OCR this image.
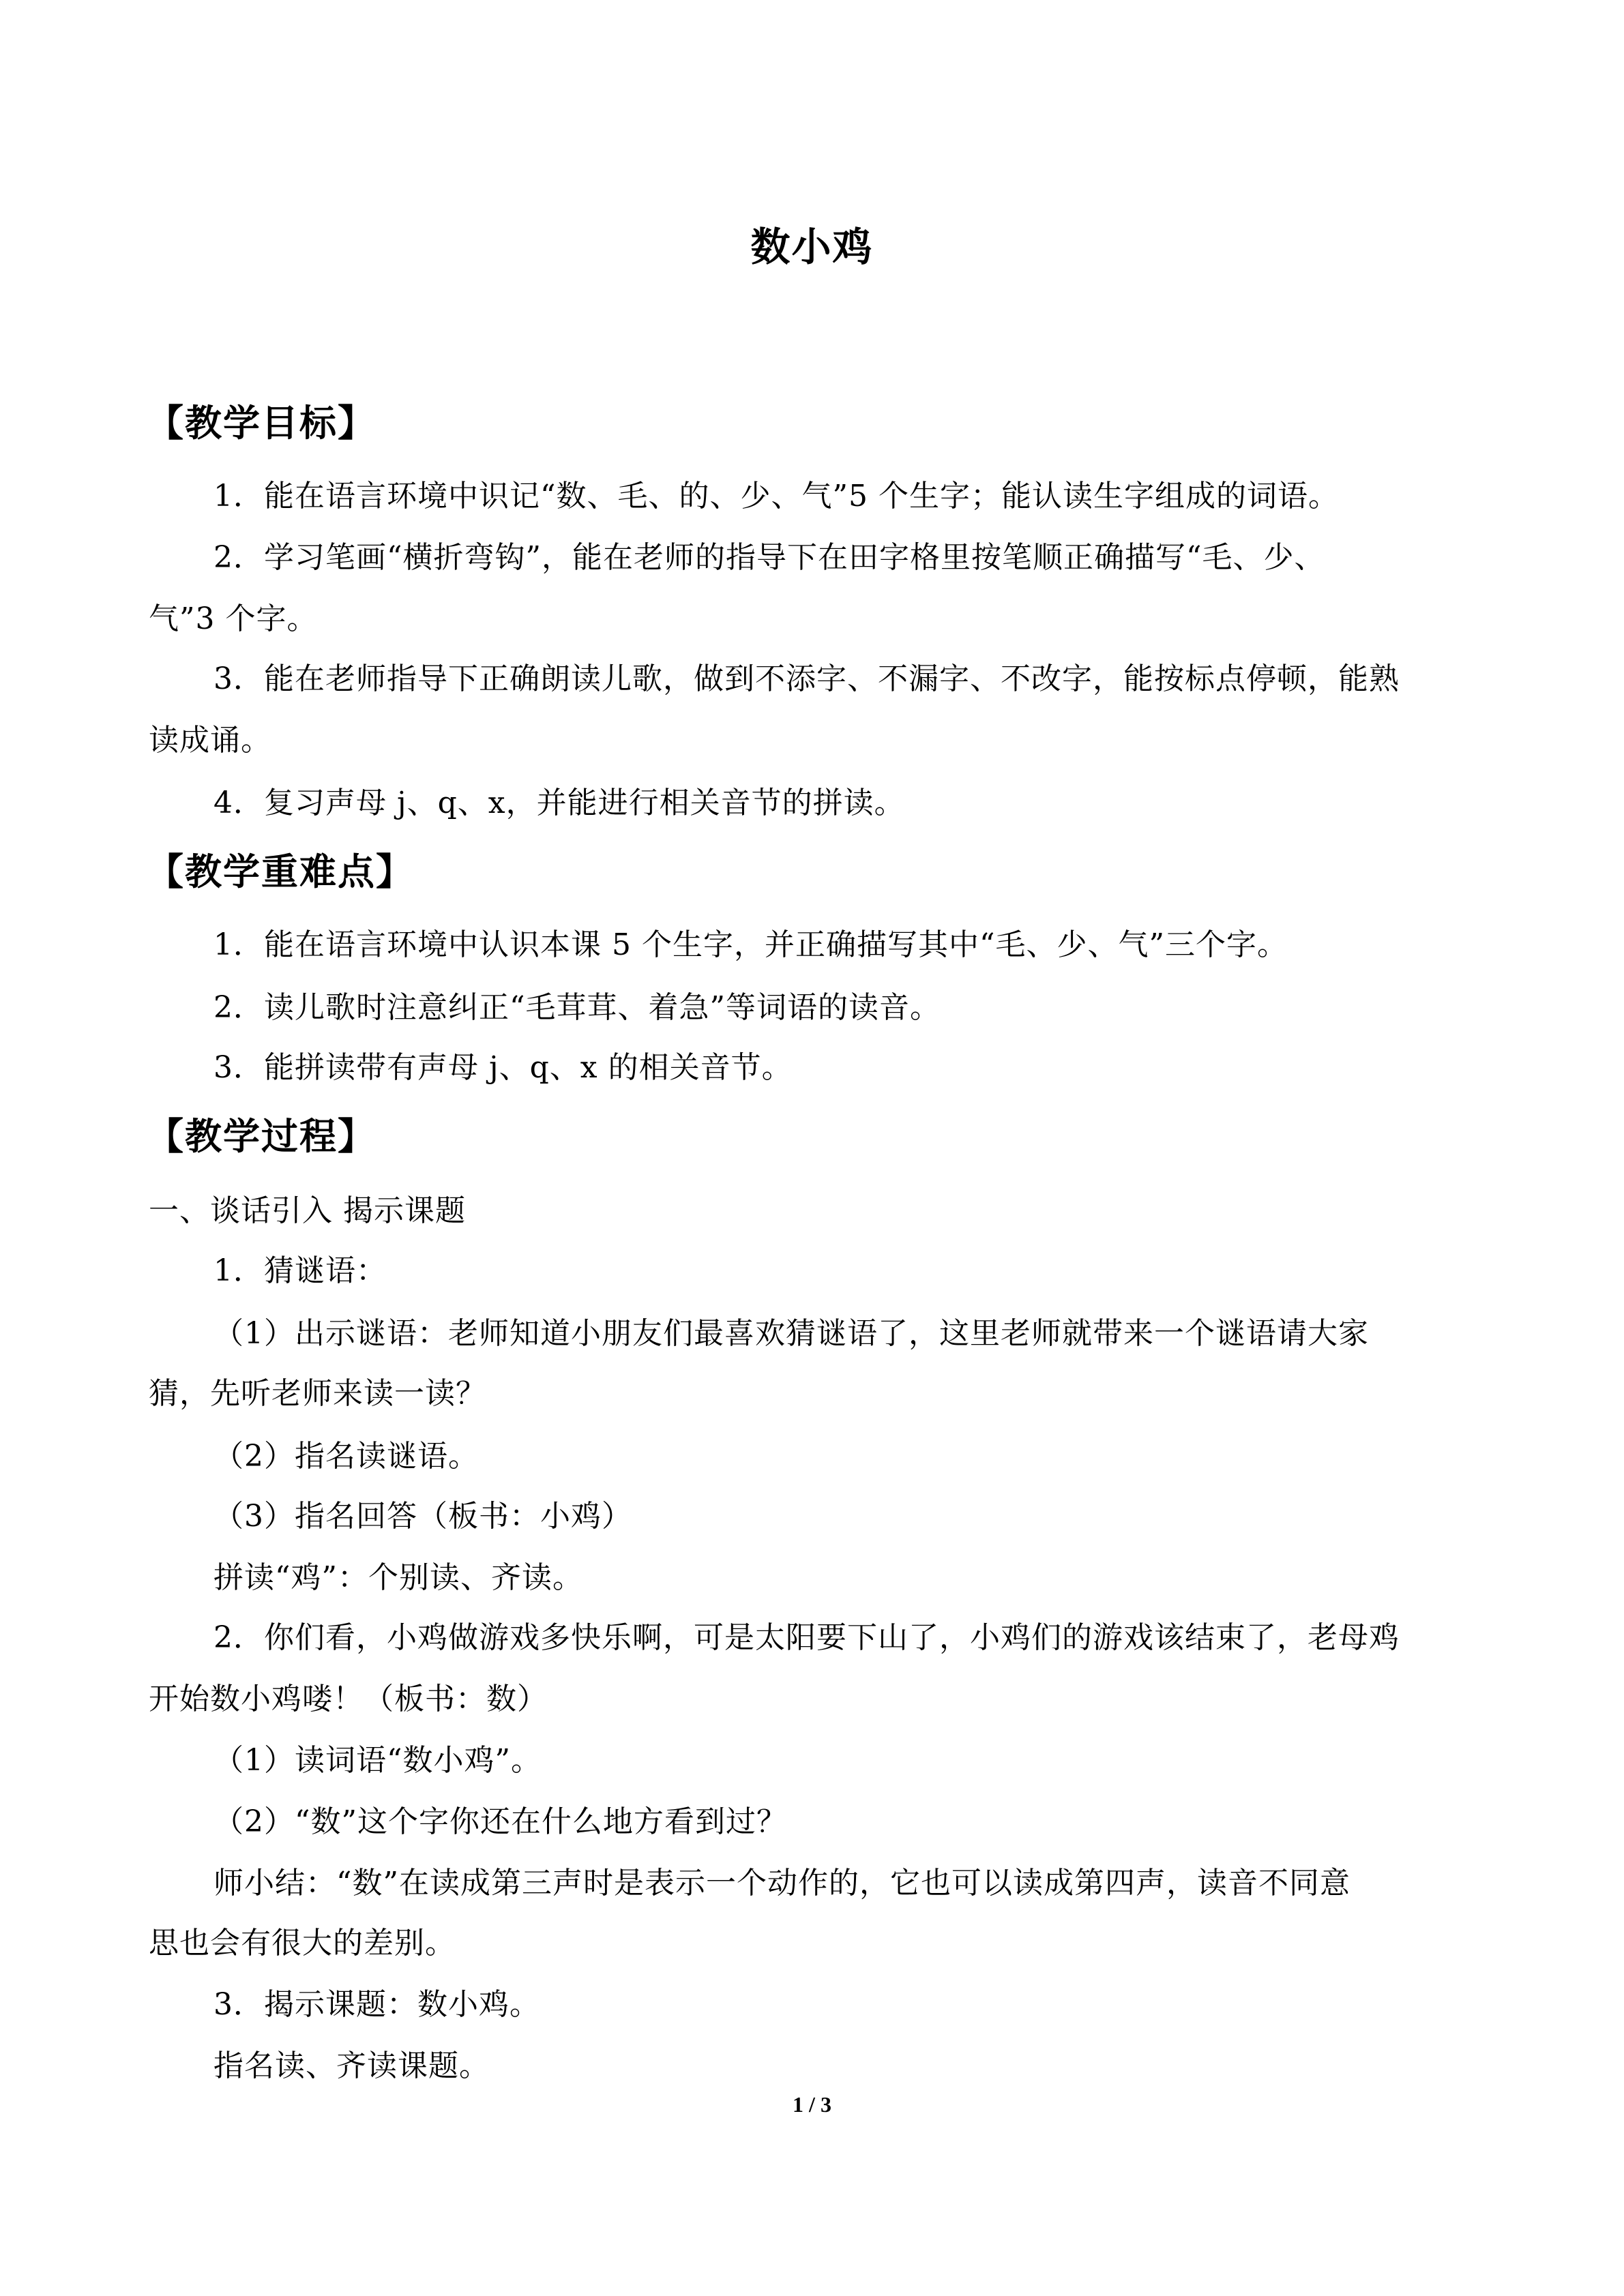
数小鸡
【教学目标】
1．能在语言环境中识记“数、毛、的、少、气”5 个生字；能认读生字组成的词语。
2．学习笔画“横折弯钩”，能在老师的指导下在田字格里按笔顺正确描写“毛、少、
气”3 个字。
3．能在老师指导下正确朗读儿歌，做到不添字、不漏字、不改字，能按标点停顿，能熟
读成诵。
4．复习声母 j、q、x，并能进行相关音节的拼读。
【教学重难点】
1．能在语言环境中认识本课 5 个生字，并正确描写其中“毛、少、气”三个字。
2．读儿歌时注意纠正“毛茸茸、着急”等词语的读音。
3．能拼读带有声母 j、q、x 的相关音节。
【教学过程】
一、谈话引入 揭示课题
1．猜谜语：
（1）出示谜语：老师知道小朋友们最喜欢猜谜语了，这里老师就带来一个谜语请大家
猜，先听老师来读一读？
（2）指名读谜语。
（3）指名回答（板书：小鸡）
拼读“鸡”：个别读、齐读。
2．你们看，小鸡做游戏多快乐啊，可是太阳要下山了，小鸡们的游戏该结束了，老母鸡
开始数小鸡喽！（板书：数）
（1）读词语“数小鸡”。
（2）“数”这个字你还在什么地方看到过？
师小结：“数”在读成第三声时是表示一个动作的，它也可以读成第四声，读音不同意
思也会有很大的差别。
3．揭示课题：数小鸡。
指名读、齐读课题。
1 / 3
